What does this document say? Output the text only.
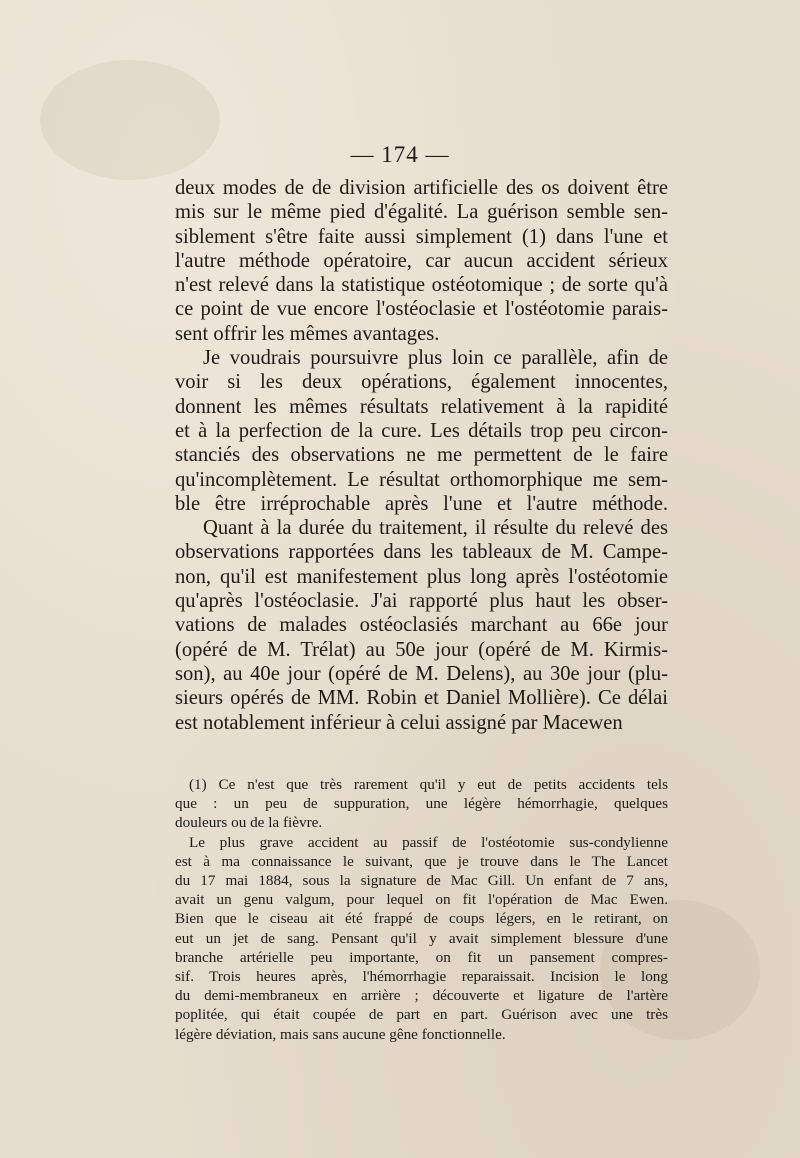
— 174 —
deux modes de de division artificielle des os doivent être
mis sur le même pied d'égalité. La guérison semble sen-
siblement s'être faite aussi simplement (1) dans l'une et
l'autre méthode opératoire, car aucun accident sérieux
n'est relevé dans la statistique ostéotomique ; de sorte qu'à
ce point de vue encore l'ostéoclasie et l'ostéotomie parais-
sent offrir les mêmes avantages.
Je voudrais poursuivre plus loin ce parallèle, afin de
voir si les deux opérations, également innocentes,
donnent les mêmes résultats relativement à la rapidité
et à la perfection de la cure. Les détails trop peu circon-
stanciés des observations ne me permettent de le faire
qu'incomplètement. Le résultat orthomorphique me sem-
ble être irréprochable après l'une et l'autre méthode.
Quant à la durée du traitement, il résulte du relevé des
observations rapportées dans les tableaux de M. Campe-
non, qu'il est manifestement plus long après l'ostéotomie
qu'après l'ostéoclasie. J'ai rapporté plus haut les obser-
vations de malades ostéoclasiés marchant au 66e jour
(opéré de M. Trélat) au 50e jour (opéré de M. Kirmis-
son), au 40e jour (opéré de M. Delens), au 30e jour (plu-
sieurs opérés de MM. Robin et Daniel Mollière). Ce délai
est notablement inférieur à celui assigné par Macewen
(1) Ce n'est que très rarement qu'il y eut de petits accidents tels
que : un peu de suppuration, une légère hémorrhagie, quelques
douleurs ou de la fièvre.
Le plus grave accident au passif de l'ostéotomie sus-condylienne
est à ma connaissance le suivant, que je trouve dans le The Lancet
du 17 mai 1884, sous la signature de Mac Gill. Un enfant de 7 ans,
avait un genu valgum, pour lequel on fit l'opération de Mac Ewen.
Bien que le ciseau ait été frappé de coups légers, en le retirant, on
eut un jet de sang. Pensant qu'il y avait simplement blessure d'une
branche artérielle peu importante, on fit un pansement compres-
sif. Trois heures après, l'hémorrhagie reparaissait. Incision le long
du demi-membraneux en arrière ; découverte et ligature de l'artère
poplitée, qui était coupée de part en part. Guérison avec une très
légère déviation, mais sans aucune gêne fonctionnelle.
